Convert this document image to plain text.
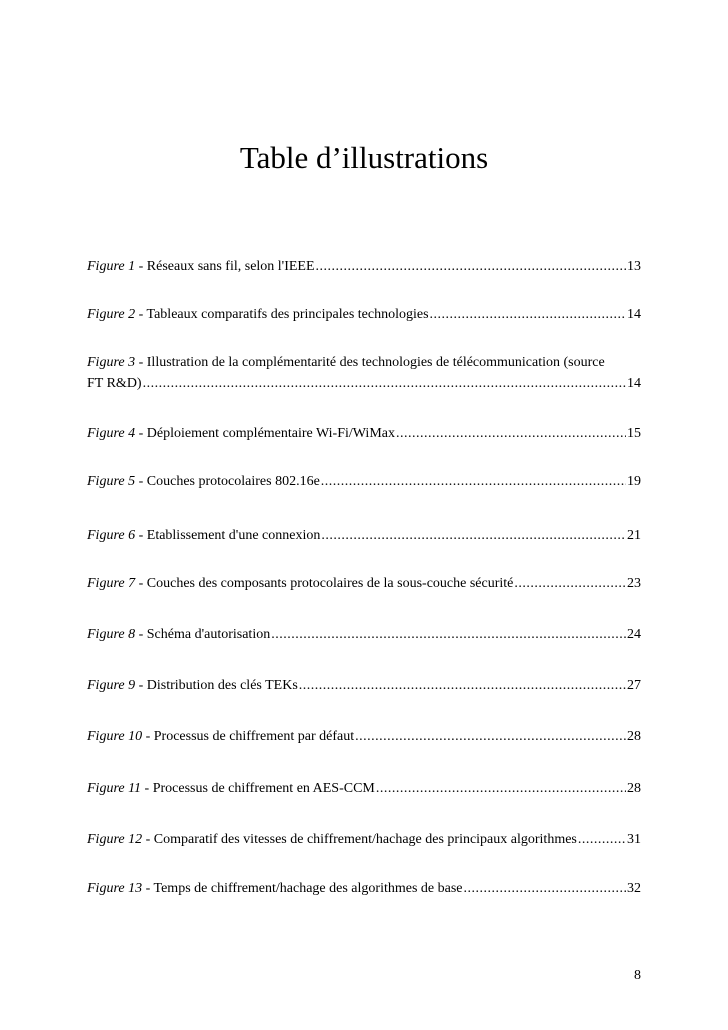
Table d’illustrations
Figure 1 - Réseaux sans fil, selon l'IEEE .....	13
Figure 2 - Tableaux comparatifs des principales technologies .....	14
Figure 3 - Illustration de la complémentarité des technologies de télécommunication (source
FT R&D) .....	14
Figure 4 - Déploiement complémentaire Wi-Fi/WiMax .....	15
Figure 5 - Couches protocolaires 802.16e .....	19
Figure 6 - Etablissement d'une connexion .....	21
Figure 7 - Couches des composants protocolaires de la sous-couche sécurité .....	23
Figure 8 - Schéma d'autorisation .....	24
Figure 9 - Distribution des clés TEKs .....	27
Figure 10 - Processus de chiffrement par défaut .....	28
Figure 11 - Processus de chiffrement en AES-CCM .....	28
Figure 12 - Comparatif des vitesses de chiffrement/hachage des principaux algorithmes .....	31
Figure 13 - Temps de chiffrement/hachage des algorithmes de base .....	32
8
